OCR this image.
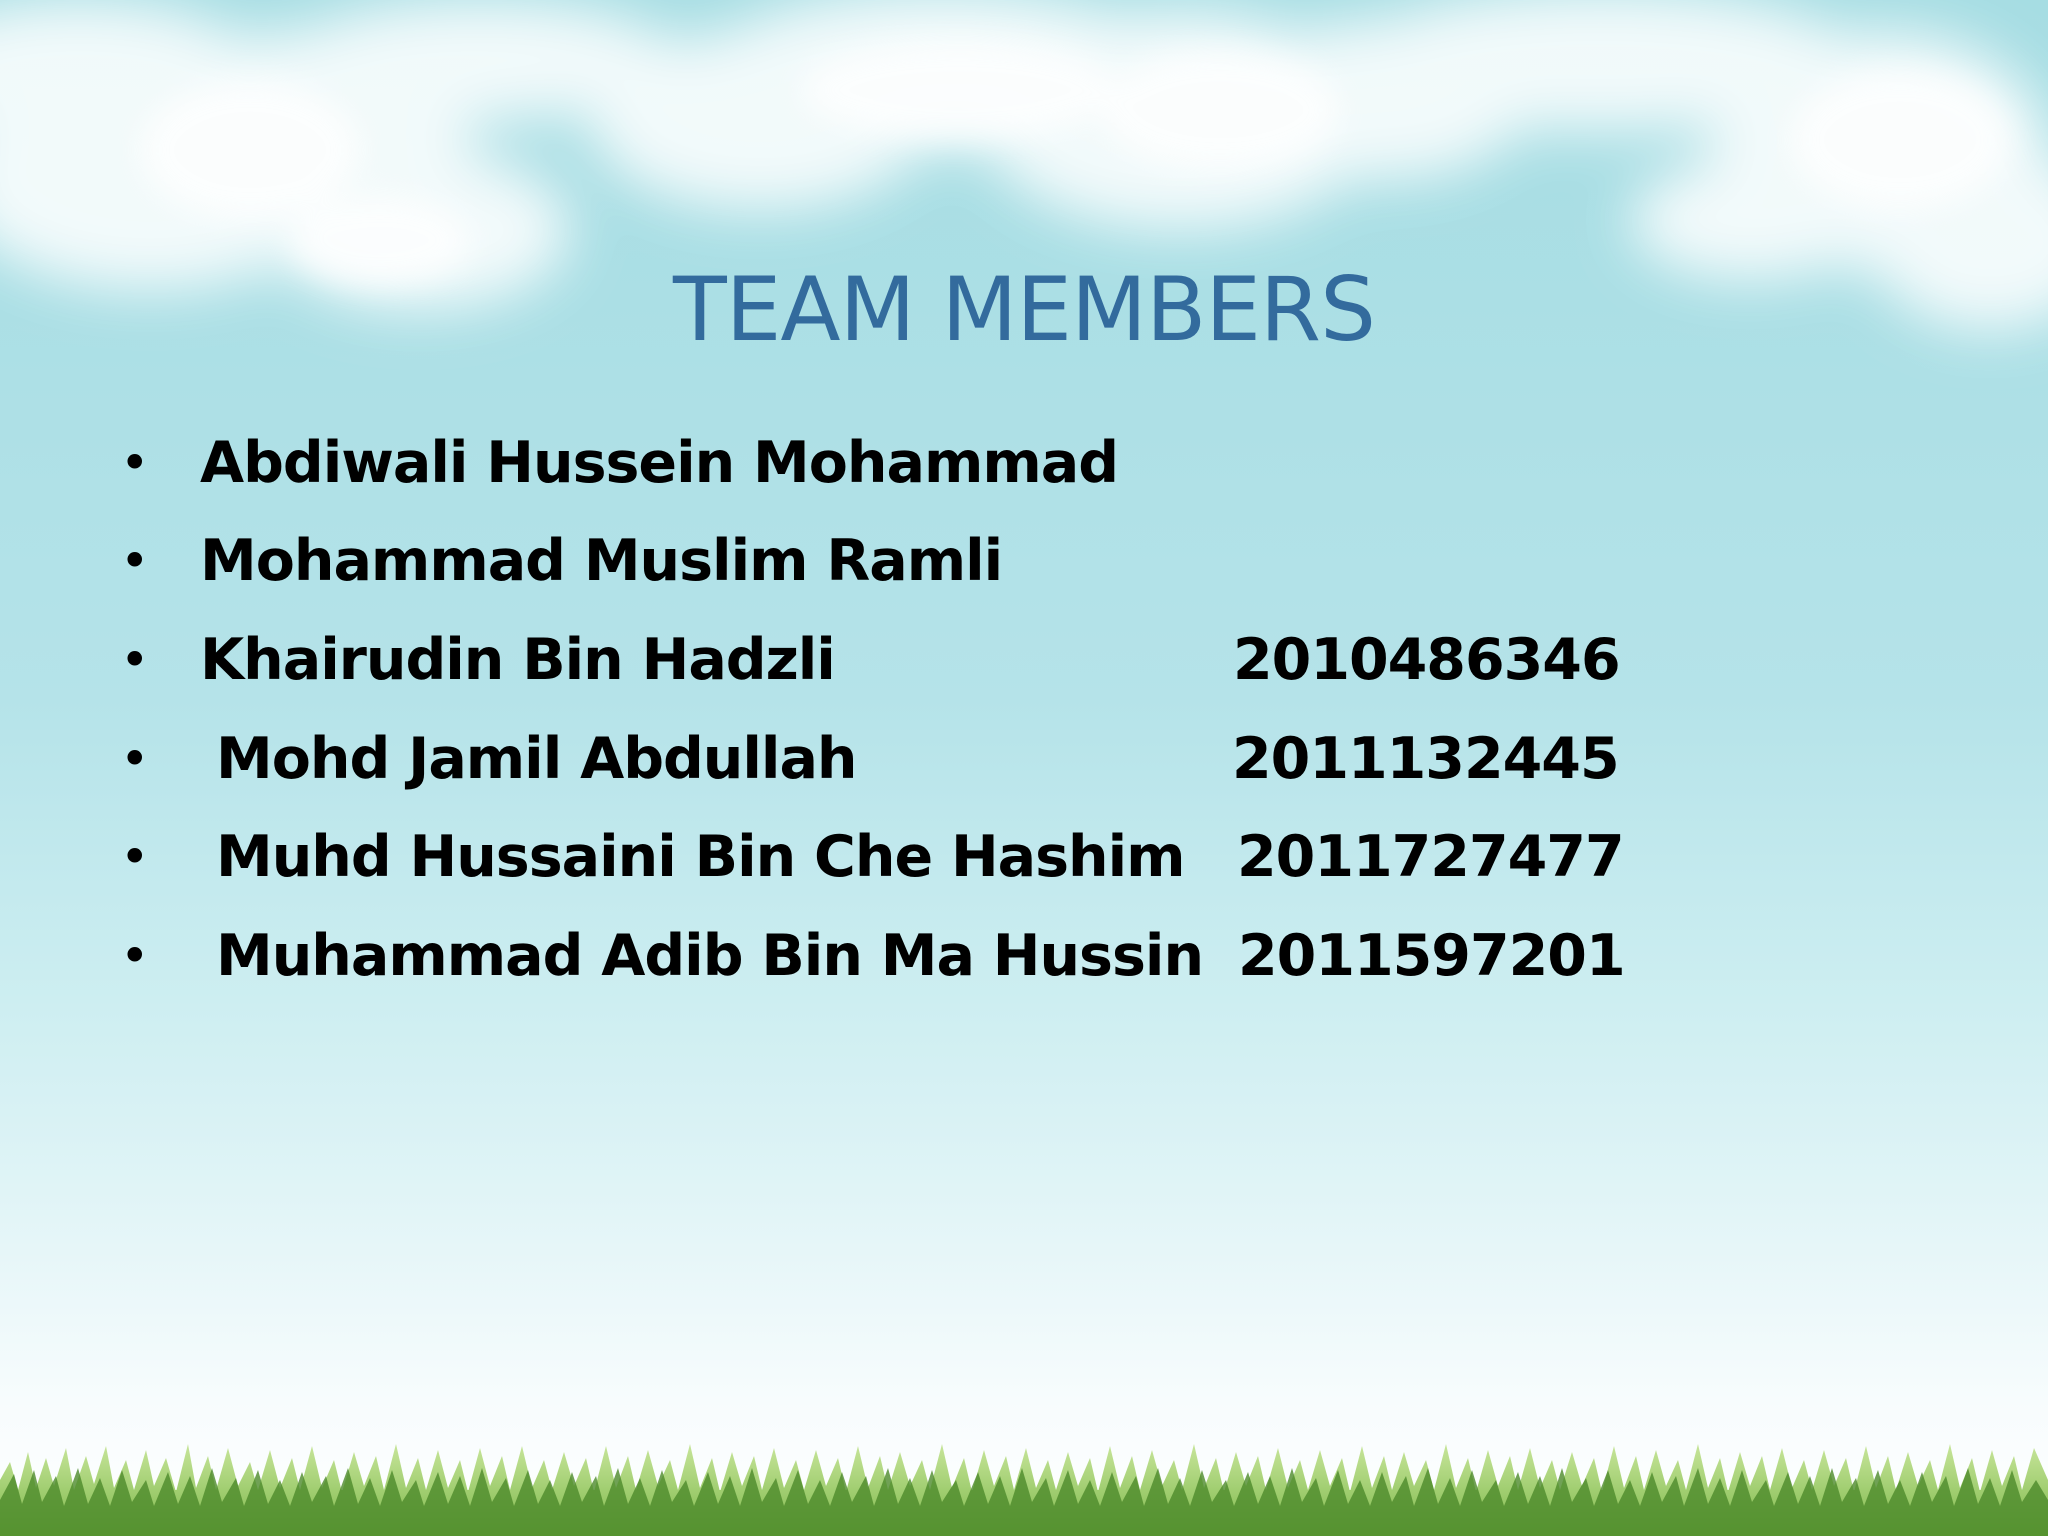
TEAM MEMBERS
• Abdiwali Hussein Mohammad
• Mohammad Muslim Ramli
• Khairudin Bin Hadzli	2010486346
• Mohd Jamil Abdullah	2011132445
• Muhd Hussaini Bin Che Hashim 2011727477
• Muhammad Adib Bin Ma Hussin 2011597201
